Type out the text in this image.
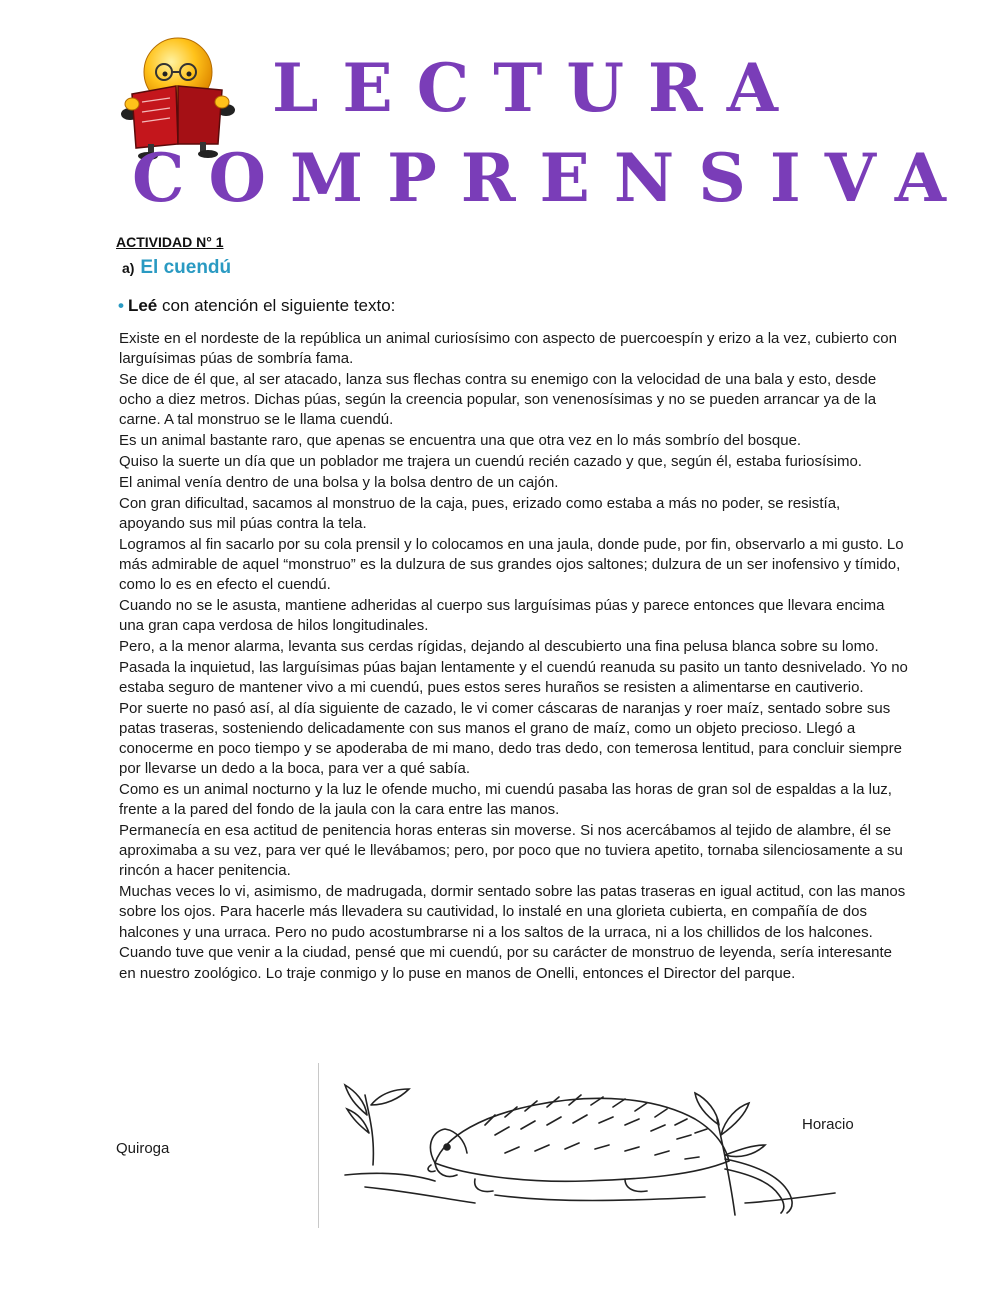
LECTURA
COMPRENSIVA
ACTIVIDAD N° 1
a) El cuendú
• Leé con atención el siguiente texto:

Existe en el nordeste de la república un animal curiosísimo con aspecto de puercoespín y erizo a la vez, cubierto con larguísimas púas de sombría fama.

Se dice de él que, al ser atacado, lanza sus flechas contra su enemigo con la velocidad de una bala y esto, desde ocho a diez metros. Dichas púas, según la creencia popular, son venenosísimas y no se pueden arrancar ya de la carne. A tal monstruo se le llama cuendú.

Es un animal bastante raro, que apenas se encuentra una que otra vez en lo más sombrío del bosque.

Quiso la suerte un día que un poblador me trajera un cuendú recién cazado y que, según él, estaba furiosísimo.

El animal venía dentro de una bolsa y la bolsa dentro de un cajón.

Con gran dificultad, sacamos al monstruo de la caja, pues, erizado como estaba a más no poder, se resistía, apoyando sus mil púas contra la tela.

Logramos al fin sacarlo por su cola prensil y lo colocamos en una jaula, donde pude, por fin, observarlo a mi gusto. Lo más admirable de aquel “monstruo” es la dulzura de sus grandes ojos saltones; dulzura de un ser inofensivo y tímido, como lo es en efecto el cuendú.

Cuando no se le asusta, mantiene adheridas al cuerpo sus larguísimas púas y parece entonces que llevara encima una gran capa verdosa de hilos longitudinales.

Pero, a la menor alarma, levanta sus cerdas rígidas, dejando al descubierto una fina pelusa blanca sobre su lomo.

Pasada la inquietud, las larguísimas púas bajan lentamente y el cuendú reanuda su pasito un tanto desnivelado. Yo no estaba seguro de mantener vivo a mi cuendú, pues estos seres huraños se resisten a alimentarse en cautiverio.

Por suerte no pasó así, al día siguiente de cazado, le vi comer cáscaras de naranjas y roer maíz, sentado sobre sus patas traseras, sosteniendo delicadamente con sus manos el grano de maíz, como un objeto precioso. Llegó a conocerme en poco tiempo y se apoderaba de mi mano, dedo tras dedo, con temerosa lentitud, para concluir siempre por llevarse un dedo a la boca, para ver a qué sabía.

Como es un animal nocturno y la luz le ofende mucho, mi cuendú pasaba las horas de gran sol de espaldas a la luz, frente a la pared del fondo de la jaula con la cara entre las manos.

Permanecía en esa actitud de penitencia horas enteras sin moverse. Si nos acercábamos al tejido de alambre, él se aproximaba a su vez, para ver qué le llevábamos; pero, por poco que no tuviera apetito, tornaba silenciosamente a su rincón a hacer penitencia.

Muchas veces lo vi, asimismo, de madrugada, dormir sentado sobre las patas traseras en igual actitud, con las manos sobre los ojos. Para hacerle más llevadera su cautividad, lo instalé en una glorieta cubierta, en compañía de dos halcones y una urraca. Pero no pudo acostumbrarse ni a los saltos de la urraca, ni a los chillidos de los halcones.

Cuando tuve que venir a la ciudad, pensé que mi cuendú, por su carácter de monstruo de leyenda, sería interesante en nuestro zoológico. Lo traje conmigo y lo puse en manos de Onelli, entonces el Director del parque.

Horacio
Quiroga
